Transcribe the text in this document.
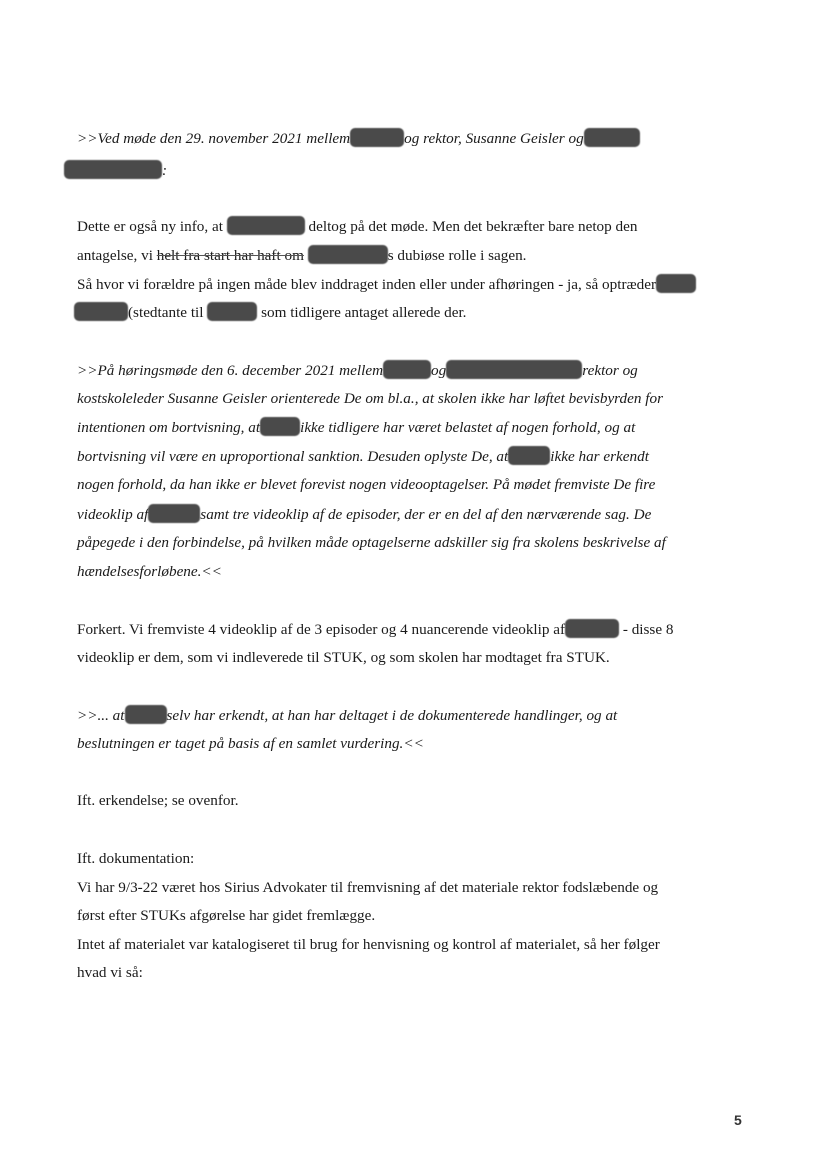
>>Ved møde den 29. november 2021 mellem	og rektor, Susanne Geisler og
:
Dette er også ny info, at	deltog på det møde. Men det bekræfter bare netop den
antagelse, vi helt fra start har haft om	s dubiøse rolle i sagen.
Så hvor vi forældre på ingen måde blev inddraget inden eller under afhøringen - ja, så optræder
(stedtante til	som tidligere antaget allerede der.
>>På høringsmøde den 6. december 2021 mellem	og	rektor og
kostskoleleder Susanne Geisler orienterede De om bl.a., at skolen ikke har løftet bevisbyrden for
intentionen om bortvisning, at	ikke tidligere har været belastet af nogen forhold, og at
bortvisning vil være en uproportional sanktion. Desuden oplyste De, at	ikke har erkendt
nogen forhold, da han ikke er blevet forevist nogen videooptagelser. På mødet fremviste De fire
videoklip af	samt tre videoklip af de episoder, der er en del af den nærværende sag. De
påpegede i den forbindelse, på hvilken måde optagelserne adskiller sig fra skolens beskrivelse af
hændelsesforløbene.<<
Forkert. Vi fremviste 4 videoklip af de 3 episoder og 4 nuancerende videoklip af	- disse 8
videoklip er dem, som vi indleverede til STUK, og som skolen har modtaget fra STUK.
>>... at	selv har erkendt, at han har deltaget i de dokumenterede handlinger, og at
beslutningen er taget på basis af en samlet vurdering.<<
Ift. erkendelse; se ovenfor.
Ift. dokumentation:
Vi har 9/3-22 været hos Sirius Advokater til fremvisning af det materiale rektor fodslæbende og
først efter STUKs afgørelse har gidet fremlægge.
Intet af materialet var katalogiseret til brug for henvisning og kontrol af materialet, så her følger
hvad vi så:
5
